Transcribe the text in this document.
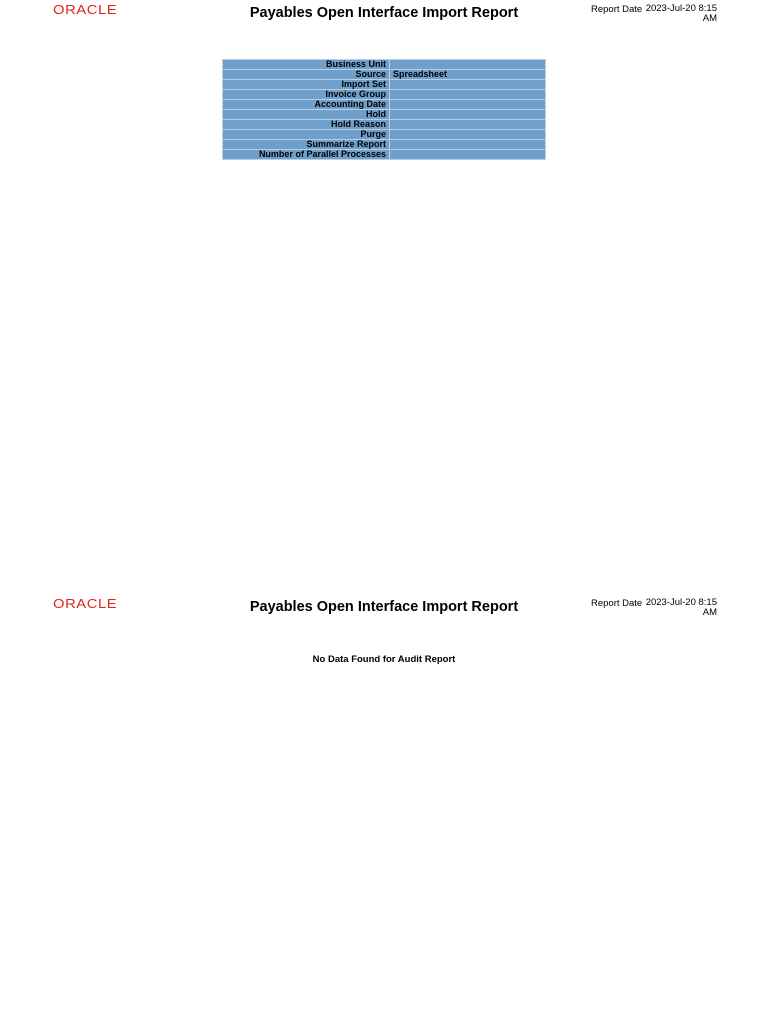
ORACLE	Payables Open Interface Import Report	Report Date 2023-Jul-20 8:15 AM
Business Unit	
Source	Spreadsheet
Import Set	
Invoice Group	
Accounting Date	
Hold	
Hold Reason	
Purge	
Summarize Report	
Number of Parallel Processes	
ORACLE	Payables Open Interface Import Report	Report Date 2023-Jul-20 8:15 AM
No Data Found for Audit Report
